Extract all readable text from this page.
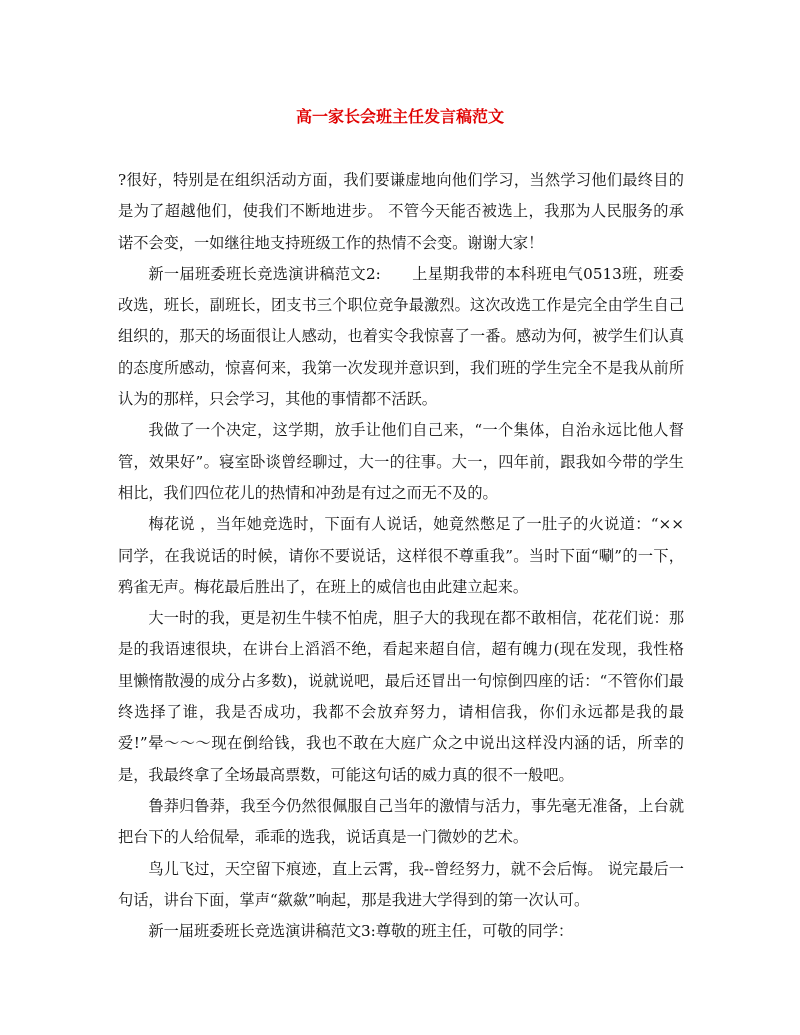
高一家长会班主任发言稿范文

?很好，特别是在组织活动方面，我们要谦虚地向他们学习，当然学习他们最终目的是为了超越他们，使我们不断地进步。 不管今天能否被选上，我那为人民服务的承诺不会变，一如继往地支持班级工作的热情不会变。谢谢大家！

新一届班委班长竞选演讲稿范文2:　　上星期我带的本科班电气0513班，班委改选，班长，副班长，团支书三个职位竞争最激烈。这次改选工作是完全由学生自己组织的，那天的场面很让人感动，也着实令我惊喜了一番。感动为何，被学生们认真的态度所感动，惊喜何来，我第一次发现并意识到，我们班的学生完全不是我从前所认为的那样，只会学习，其他的事情都不活跃。

我做了一个决定，这学期，放手让他们自己来，“一个集体，自治永远比他人督管，效果好”。寝室卧谈曾经聊过，大一的往事。大一，四年前，跟我如今带的学生相比，我们四位花儿的热情和冲劲是有过之而无不及的。

梅花说 ，当年她竞选时，下面有人说话，她竟然憋足了一肚子的火说道：“××同学，在我说话的时候，请你不要说话，这样很不尊重我”。当时下面“唰”的一下，鸦雀无声。梅花最后胜出了，在班上的威信也由此建立起来。

大一时的我，更是初生牛犊不怕虎，胆子大的我现在都不敢相信，花花们说：那是的我语速很块，在讲台上滔滔不绝，看起来超自信，超有魄力(现在发现，我性格里懒惰散漫的成分占多数)，说就说吧，最后还冒出一句惊倒四座的话：“不管你们最终选择了谁，我是否成功，我都不会放弃努力，请相信我，你们永远都是我的最爱!”晕～～～现在倒给钱，我也不敢在大庭广众之中说出这样没内涵的话，所幸的是，我最终拿了全场最高票数，可能这句话的威力真的很不一般吧。

鲁莽归鲁莽，我至今仍然很佩服自己当年的激情与活力，事先毫无准备，上台就把台下的人给侃晕，乖乖的选我，说话真是一门微妙的艺术。

鸟儿飞过，天空留下痕迹，直上云霄，我--曾经努力，就不会后悔。 说完最后一句话，讲台下面，掌声“歘歘”响起，那是我进大学得到的第一次认可。

新一届班委班长竞选演讲稿范文3:尊敬的班主任，可敬的同学：
